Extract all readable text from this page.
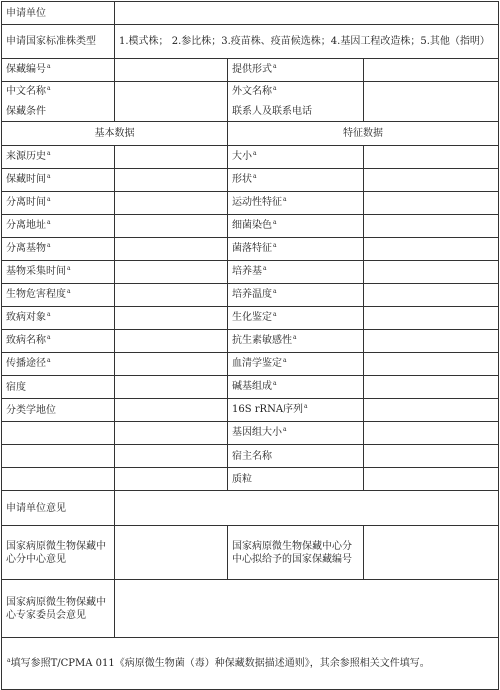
申请单位			
申请国家标准株类型	1.模式株； 2.参比株；3.疫苗株、疫苗候选株；4.基因工程改造株；5.其他（指明）		
保藏编号$^a$		提供形式$^a$	
中文名称$^a$		外文名称$^a$	
保藏条件		联系人及联系电话	
基本数据		特征数据	
来源历史$^a$		大小$^a$	
保藏时间$^a$		形状$^a$	
分离时间$^a$		运动性特征$^a$	
分离地址$^a$		细菌染色$^a$	
分离基物$^a$		菌落特征$^a$	
基物采集时间$^a$		培养基$^a$	
生物危害程度$^a$		培养温度$^a$	
致病对象$^a$		生化鉴定$^a$	
致病名称$^a$		抗生素敏感性$^a$	
传播途径$^a$		血清学鉴定$^a$	
宿度		碱基组成$^a$	
分类学地位		16S rRNA序列$^a$	
		基因组大小$^a$	
		宿主名称	
		质粒	
申请单位意见			
国家病原微生物保藏中心分中心意见		国家病原微生物保藏中心分中心拟给予的国家保藏编号	
国家病原微生物保藏中心专家委员会意见			
$^a$填写参照T/CPMA 011《病原微生物菌（毒）种保藏数据描述通则》，其余参照相关文件填写。			
